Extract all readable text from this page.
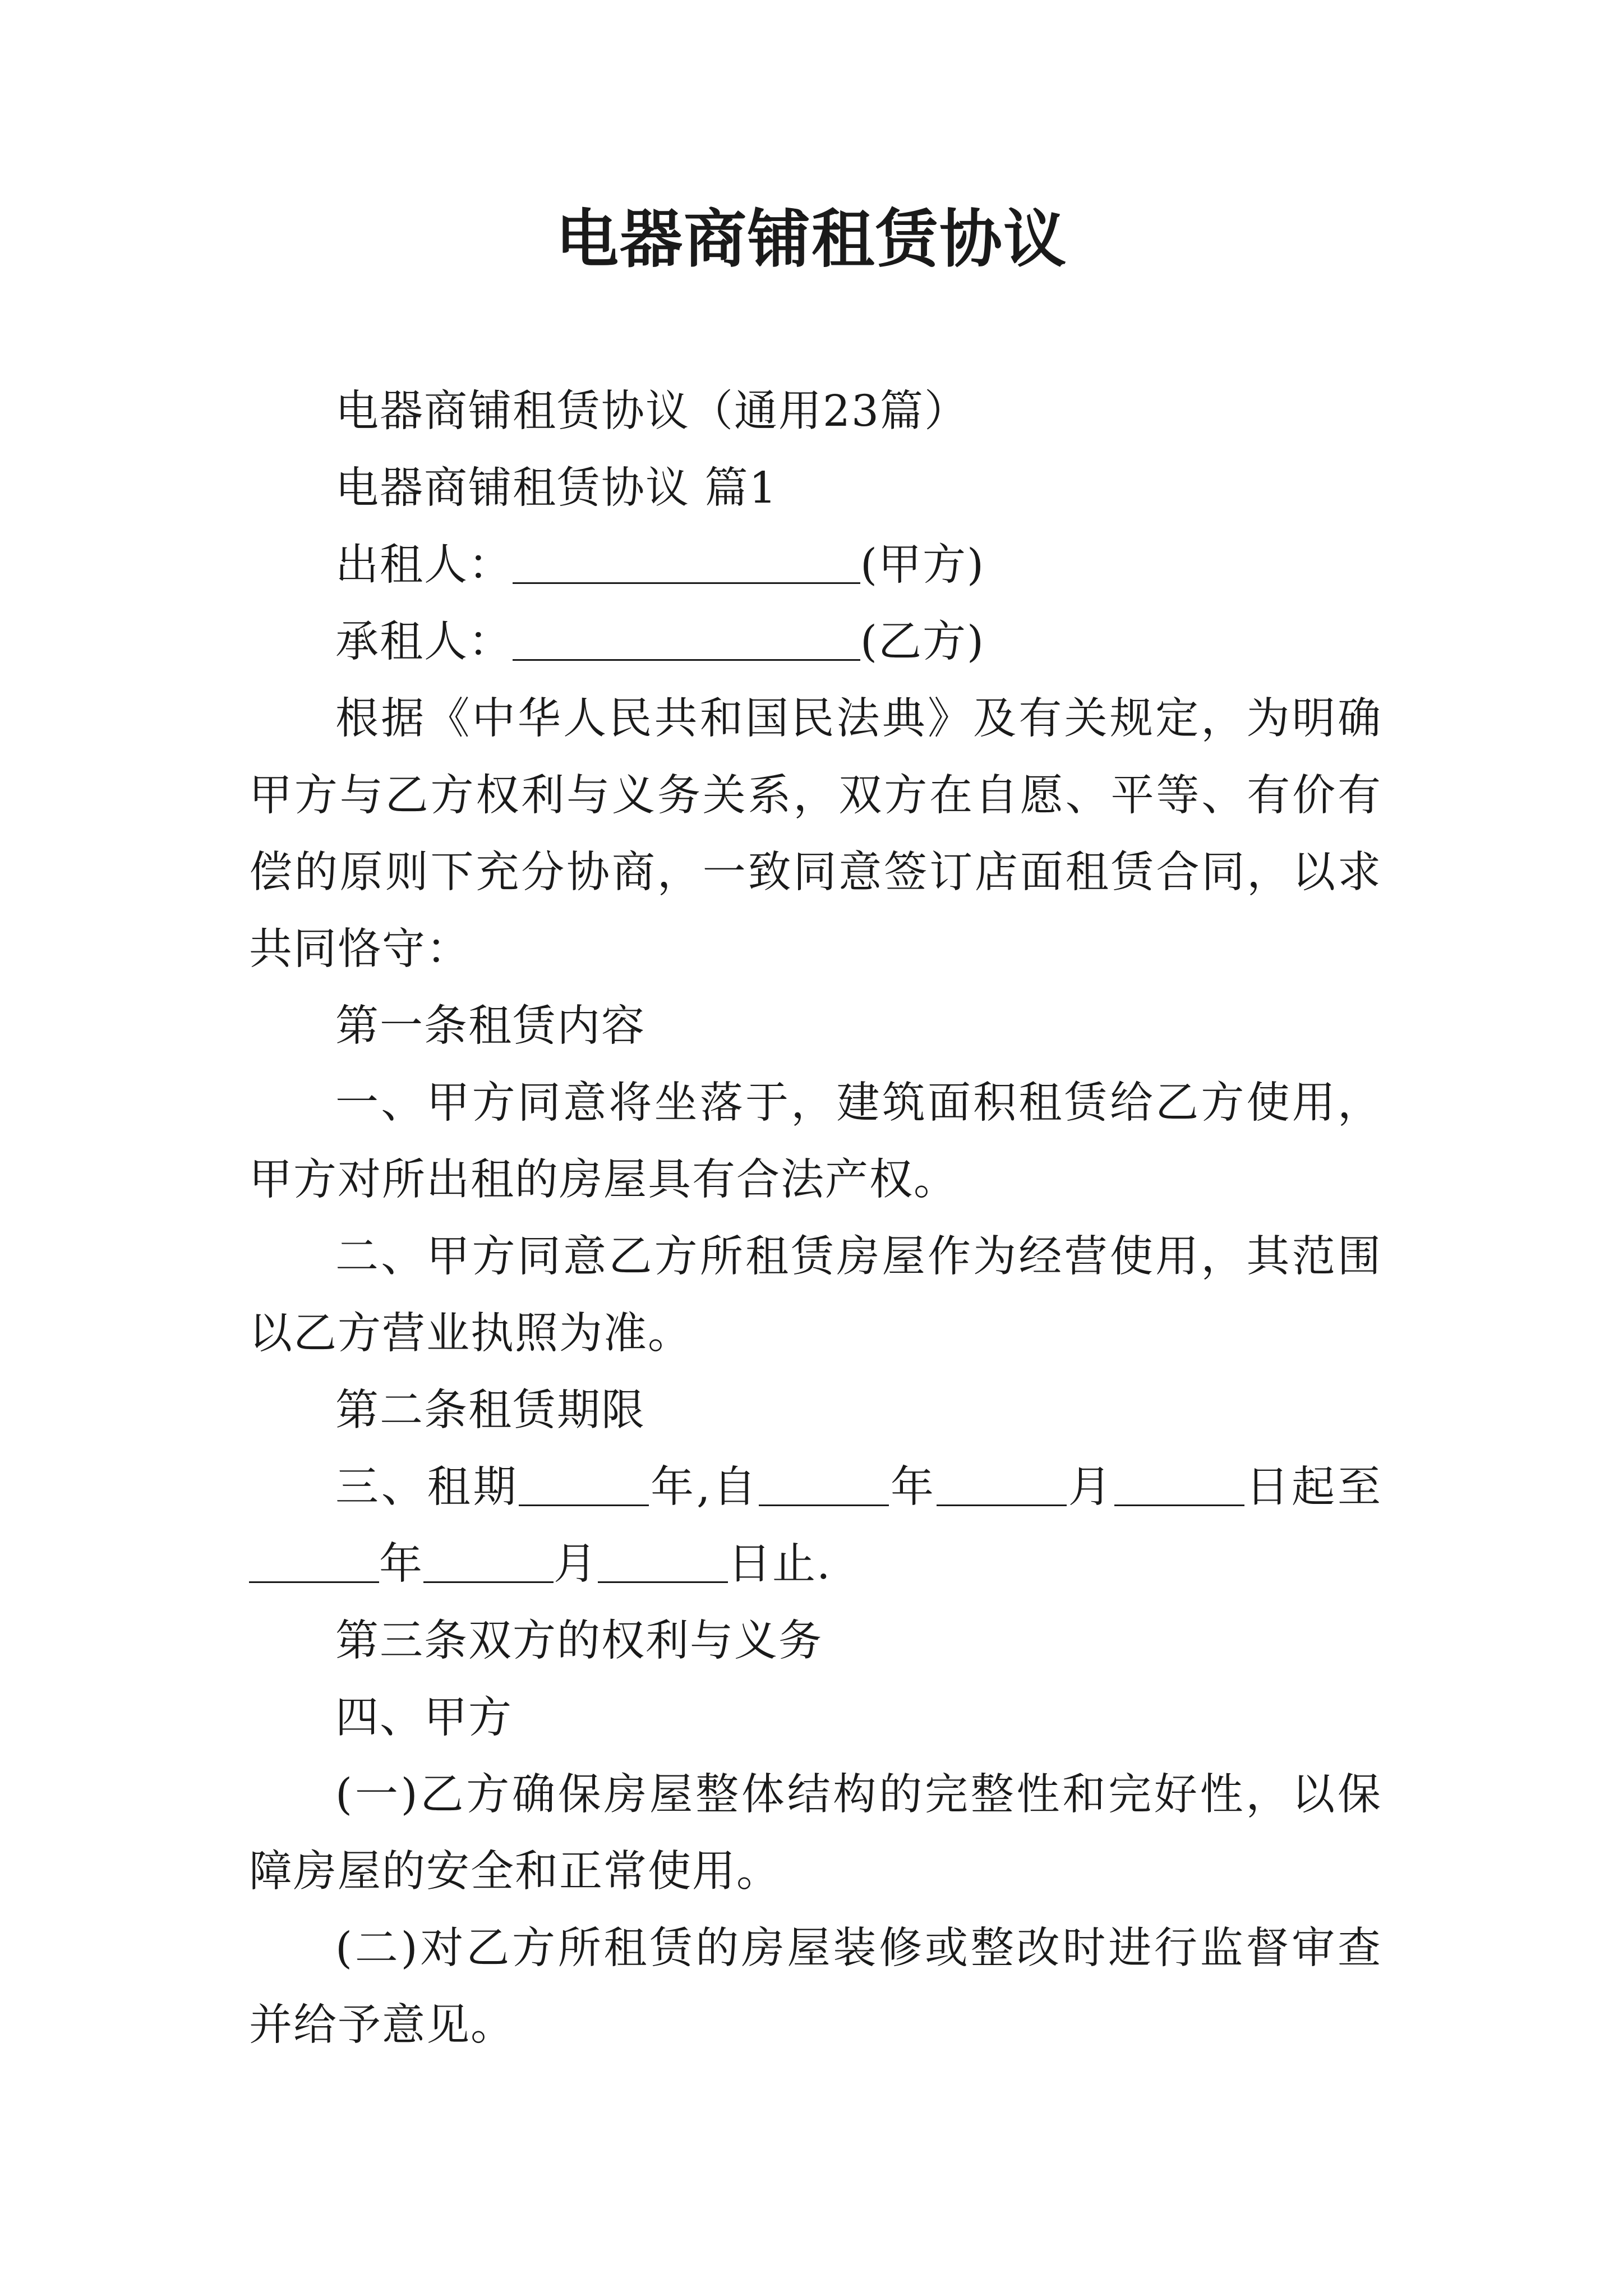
电器商铺租赁协议

电器商铺租赁协议（通用23篇）

电器商铺租赁协议 篇1

出租人：	(甲方)

承租人：	(乙方)

根据《中华人民共和国民法典》及有关规定，为明确甲方与乙方权利与义务关系，双方在自愿、平等、有价有偿的原则下充分协商，一致同意签订店面租赁合同，以求共同恪守：

第一条租赁内容

一、甲方同意将坐落于，建筑面积租赁给乙方使用，甲方对所出租的房屋具有合法产权。

二、甲方同意乙方所租赁房屋作为经营使用，其范围以乙方营业执照为准。

第二条租赁期限

三、租期	年,自	年	月	日起至年	月	日止.

第三条双方的权利与义务

四、甲方

(一)乙方确保房屋整体结构的完整性和完好性，以保障房屋的安全和正常使用。

(二)对乙方所租赁的房屋装修或整改时进行监督审查并给予意见。
